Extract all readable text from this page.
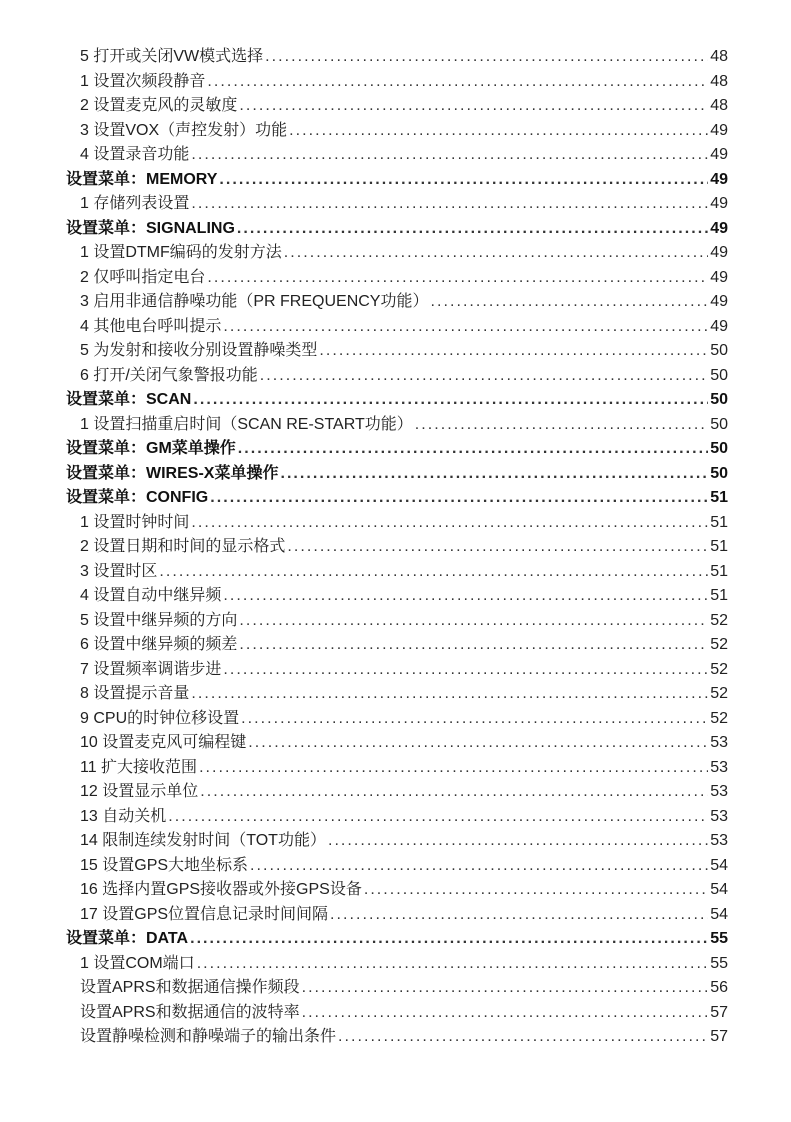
5 打开或关闭VW模式选择 . . .	48
1 设置次频段静音 . . .	48
2 设置麦克风的灵敏度 . . .	48
3 设置VOX（声控发射）功能 . . .	49
4 设置录音功能 . . .	49
设置菜单：MEMORY . . .	49
1 存储列表设置 . . .	49
设置菜单：SIGNALING . . .	49
1 设置DTMF编码的发射方法 . . .	49
2 仅呼叫指定电台 . . .	49
3 启用非通信静噪功能（PR FREQUENCY功能） . . .	49
4 其他电台呼叫提示 . . .	49
5 为发射和接收分别设置静噪类型 . . .	50
6 打开/关闭气象警报功能 . . .	50
设置菜单：SCAN . . .	50
1 设置扫描重启时间（SCAN RE-START功能） . . .	50
设置菜单：GM菜单操作 . . .	50
设置菜单：WIRES-X菜单操作 . . .	50
设置菜单：CONFIG . . .	51
1 设置时钟时间 . . .	51
2 设置日期和时间的显示格式 . . .	51
3 设置时区 . . .	51
4 设置自动中继异频 . . .	51
5 设置中继异频的方向 . . .	52
6 设置中继异频的频差 . . .	52
7 设置频率调谐步进 . . .	52
8 设置提示音量 . . .	52
9 CPU的时钟位移设置 . . .	52
10 设置麦克风可编程键 . . .	53
11 扩大接收范围 . . .	53
12 设置显示单位 . . .	53
13 自动关机 . . .	53
14 限制连续发射时间（TOT功能） . . .	53
15 设置GPS大地坐标系 . . .	54
16 选择内置GPS接收器或外接GPS设备 . . .	54
17 设置GPS位置信息记录时间间隔 . . .	54
设置菜单：DATA . . .	55
1 设置COM端口 . . .	55
设置APRS和数据通信操作频段 . . .	56
设置APRS和数据通信的波特率 . . .	57
设置静噪检测和静噪端子的输出条件 . . .	57
